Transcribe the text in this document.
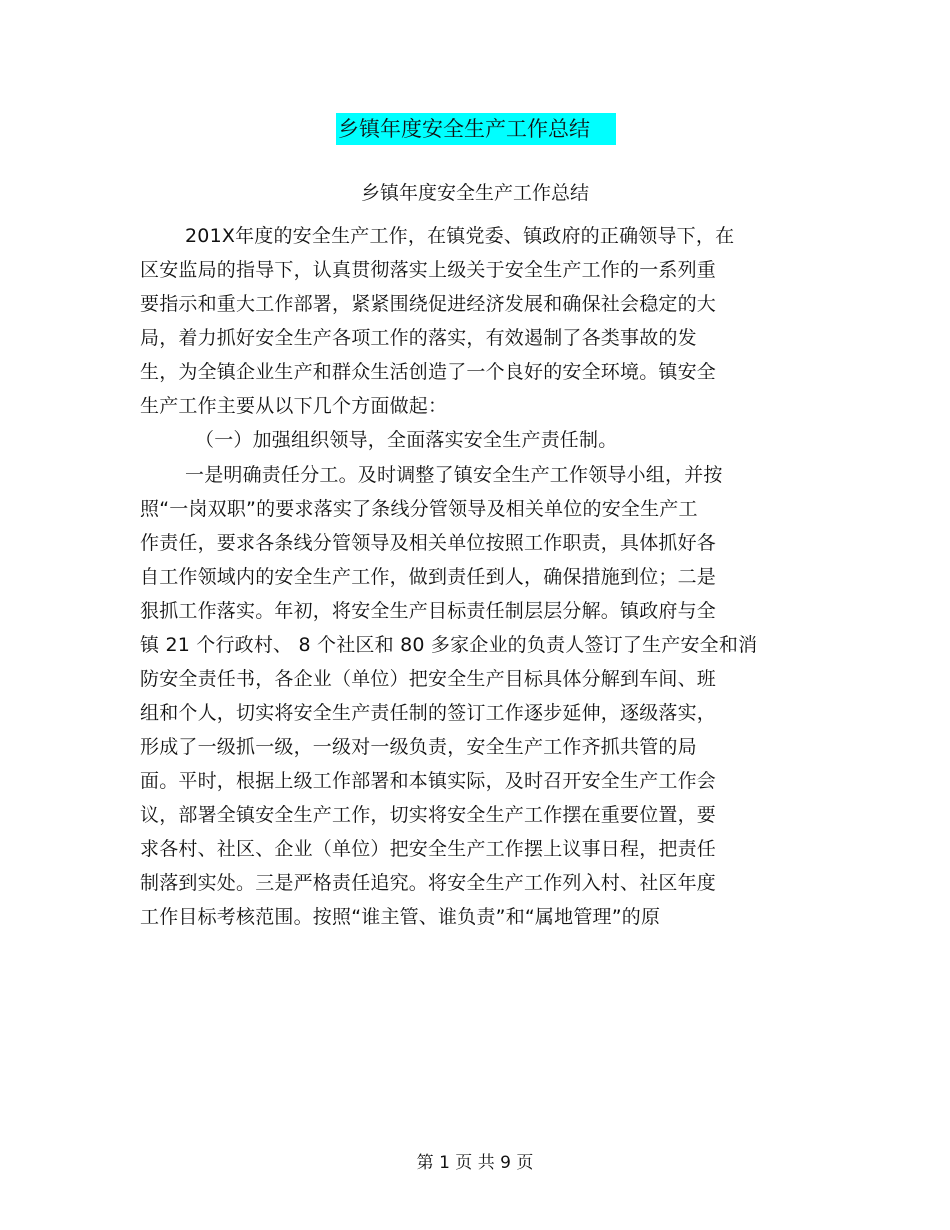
乡镇年度安全生产工作总结
乡镇年度安全生产工作总结
201X年度的安全生产工作，在镇党委、镇政府的正确领导下，在
区安监局的指导下，认真贯彻落实上级关于安全生产工作的一系列重
要指示和重大工作部署，紧紧围绕促进经济发展和确保社会稳定的大
局，着力抓好安全生产各项工作的落实，有效遏制了各类事故的发
生，为全镇企业生产和群众生活创造了一个良好的安全环境。镇安全
生产工作主要从以下几个方面做起：
（一）加强组织领导，全面落实安全生产责任制。
一是明确责任分工。及时调整了镇安全生产工作领导小组，并按
照“一岗双职”的要求落实了条线分管领导及相关单位的安全生产工
作责任，要求各条线分管领导及相关单位按照工作职责，具体抓好各
自工作领域内的安全生产工作，做到责任到人，确保措施到位；二是
狠抓工作落实。年初，将安全生产目标责任制层层分解。镇政府与全
镇 21 个行政村、 8 个社区和 80 多家企业的负责人签订了生产安全和消
防安全责任书，各企业（单位）把安全生产目标具体分解到车间、班
组和个人，切实将安全生产责任制的签订工作逐步延伸，逐级落实，
形成了一级抓一级，一级对一级负责，安全生产工作齐抓共管的局
面。平时，根据上级工作部署和本镇实际，及时召开安全生产工作会
议，部署全镇安全生产工作，切实将安全生产工作摆在重要位置，要
求各村、社区、企业（单位）把安全生产工作摆上议事日程，把责任
制落到实处。三是严格责任追究。将安全生产工作列入村、社区年度
工作目标考核范围。按照“谁主管、谁负责”和“属地管理”的原
第 1 页 共 9 页
